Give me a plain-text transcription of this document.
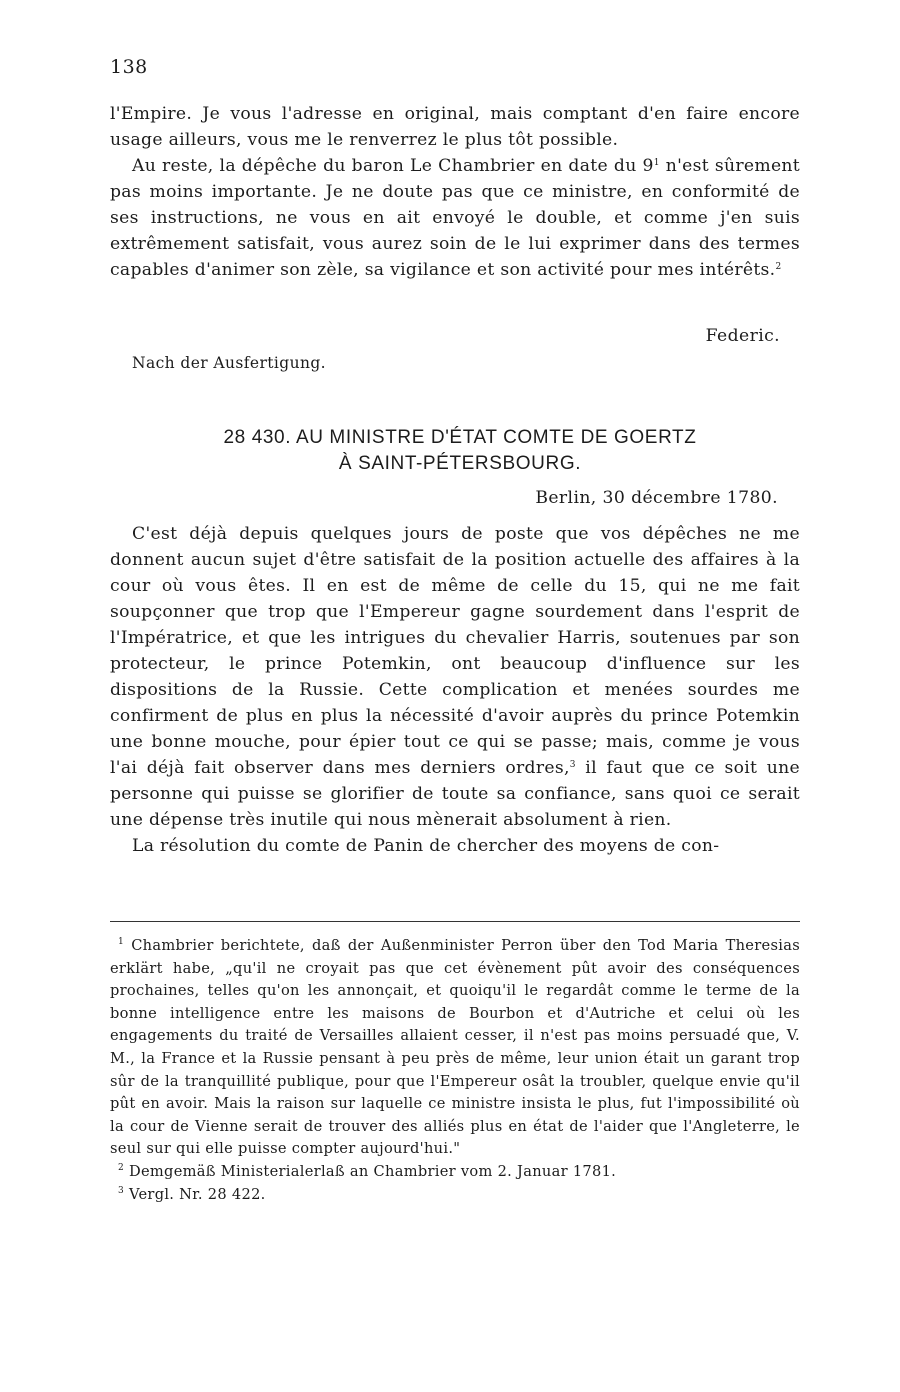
138

l'Empire. Je vous l'adresse en original, mais comptant d'en faire encore usage ailleurs, vous me le renverrez le plus tôt possible.

Au reste, la dépêche du baron Le Chambrier en date du $9^1$ n'est sûrement pas moins importante. Je ne doute pas que ce ministre, en conformité de ses instructions, ne vous en ait envoyé le double, et comme j'en suis extrêmement satisfait, vous aurez soin de le lui exprimer dans des termes capables d'animer son zèle, sa vigilance et son activité pour mes intérêts.$^2$

Federic.
Nach der Ausfertigung.
28 430. AU MINISTRE D'ÉTAT COMTE DE GOERTZ
À SAINT-PÉTERSBOURG.
Berlin, 30 décembre 1780.

C'est déjà depuis quelques jours de poste que vos dépêches ne me donnent aucun sujet d'être satisfait de la position actuelle des affaires à la cour où vous êtes. Il en est de même de celle du 15, qui ne me fait soupçonner que trop que l'Empereur gagne sourdement dans l'esprit de l'Impératrice, et que les intrigues du chevalier Harris, soutenues par son protecteur, le prince Potemkin, ont beaucoup d'influence sur les dispositions de la Russie. Cette complication et menées sourdes me confirment de plus en plus la nécessité d'avoir auprès du prince Potemkin une bonne mouche, pour épier tout ce qui se passe; mais, comme je vous l'ai déjà fait observer dans mes derniers ordres,$^3$ il faut que ce soit une personne qui puisse se glorifier de toute sa confiance, sans quoi ce serait une dépense très inutile qui nous mènerait absolument à rien.

La résolution du comte de Panin de chercher des moyens de con-

$^1$ Chambrier berichtete, daß der Außenminister Perron über den Tod Maria Theresias erklärt habe, „qu'il ne croyait pas que cet évènement pût avoir des conséquences prochaines, telles qu'on les annonçait, et quoiqu'il le regardât comme le terme de la bonne intelligence entre les maisons de Bourbon et d'Autriche et celui où les engagements du traité de Versailles allaient cesser, il n'est pas moins persuadé que, V. M., la France et la Russie pensant à peu près de même, leur union était un garant trop sûr de la tranquillité publique, pour que l'Empereur osât la troubler, quelque envie qu'il pût en avoir. Mais la raison sur laquelle ce ministre insista le plus, fut l'impossibilité où la cour de Vienne serait de trouver des alliés plus en état de l'aider que l'Angleterre, le seul sur qui elle puisse compter aujourd'hui."

$^2$ Demgemäß Ministerialerlaß an Chambrier vom 2. Januar 1781.

$^3$ Vergl. Nr. 28 422.
